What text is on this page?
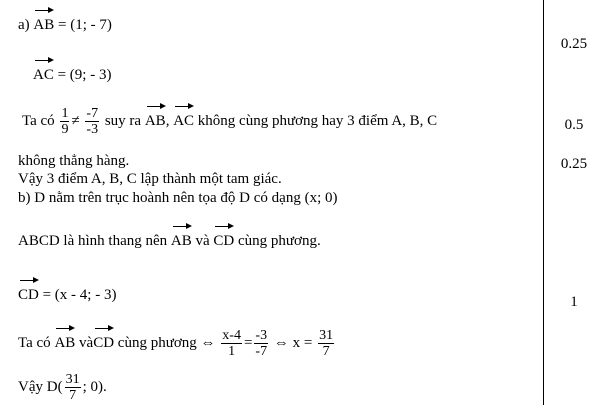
a) AB = (1; - 7)
AC = (9; - 3)
Ta có $\frac{1}{9} \ne \frac{-7}{-3}$ suy ra AB, AC không cùng phương hay 3 điểm A, B, C
không thẳng hàng.
Vậy 3 điểm A, B, C lập thành một tam giác.
b) D nằm trên trục hoành nên tọa độ D có dạng (x; 0)
ABCD là hình thang nên AB và CD cùng phương.
CD = (x - 4; - 3)
Ta có AB vàCD cùng phương ⇔ $\frac{x-4}{1} = \frac{-3}{-7}$ ⇔ $x = \frac{31}{7}$
Vậy $D( \frac{31}{7}$ ; 0).
0.25
0.5
0.25
1
